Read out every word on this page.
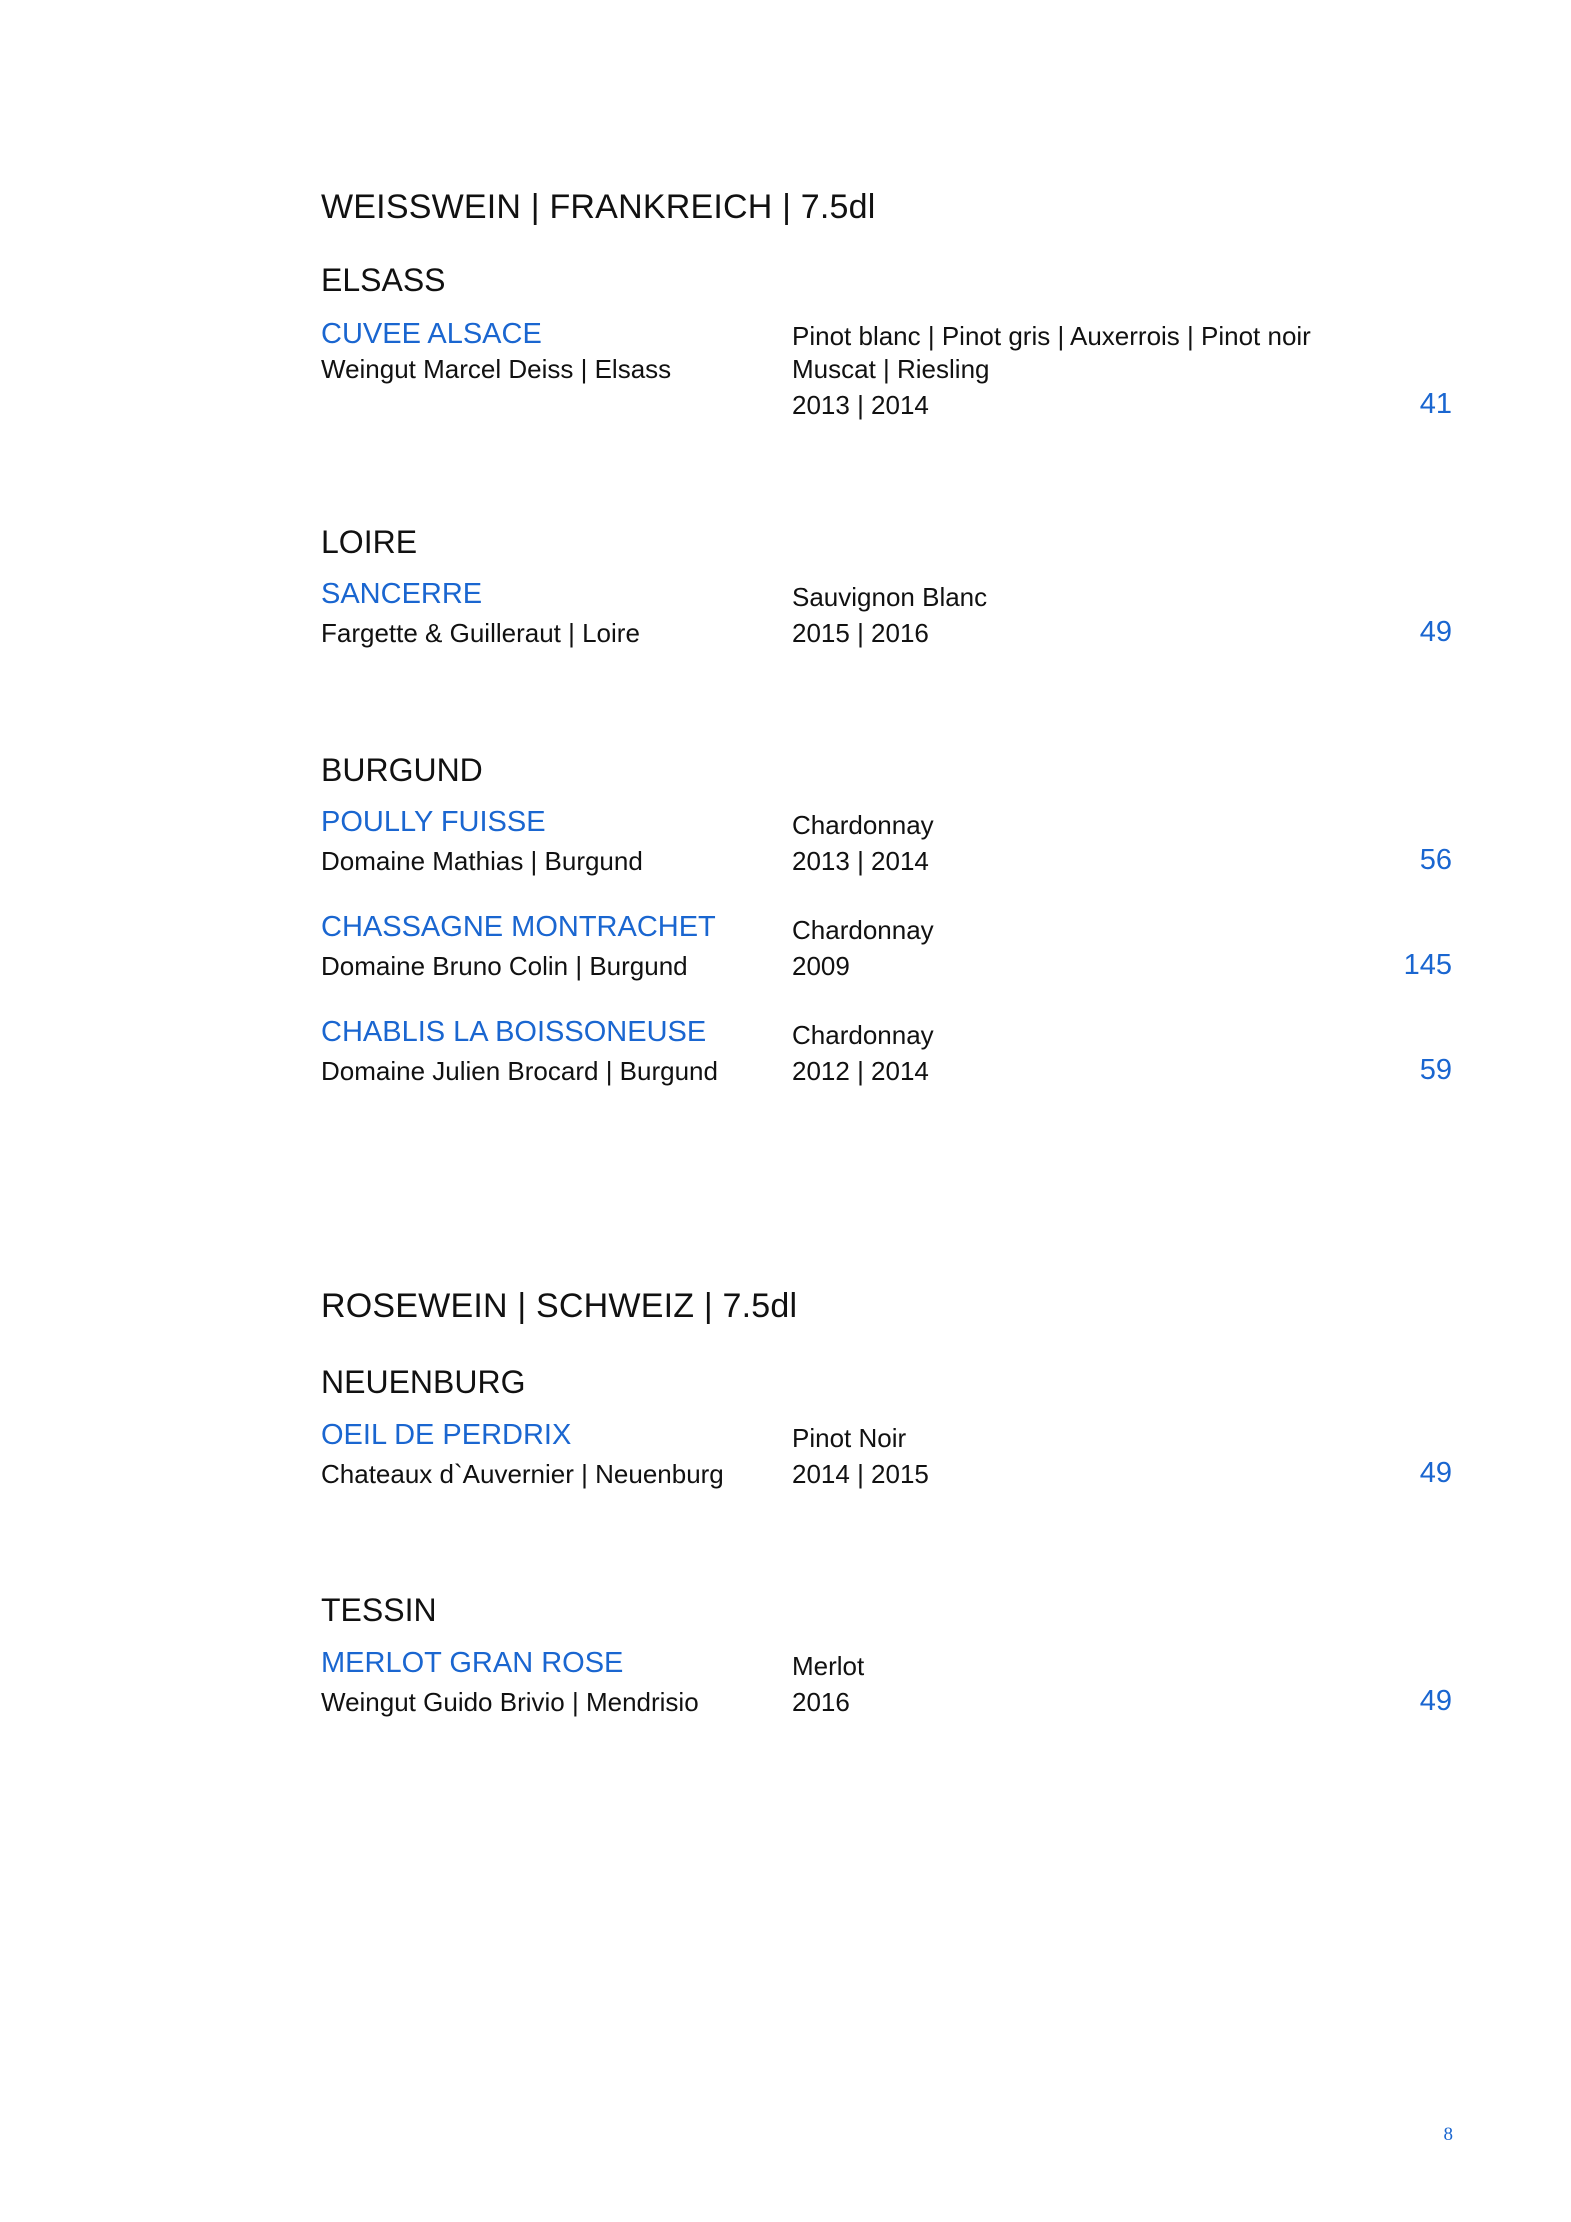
WEISSWEIN | FRANKREICH | 7.5dl
ELSASS
CUVEE ALSACE
Weingut Marcel Deiss | Elsass
Pinot blanc | Pinot gris | Auxerrois | Pinot noir
Muscat | Riesling
2013 | 2014	41
LOIRE
SANCERRE
Fargette & Guilleraut | Loire
Sauvignon Blanc
2015 | 2016	49
BURGUND
POULLY FUISSE
Domaine Mathias | Burgund
Chardonnay
2013 | 2014	56
CHASSAGNE MONTRACHET
Domaine Bruno Colin | Burgund
Chardonnay
2009	145
CHABLIS LA BOISSONEUSE
Domaine Julien Brocard | Burgund
Chardonnay
2012 | 2014	59
ROSEWEIN | SCHWEIZ | 7.5dl
NEUENBURG
OEIL DE PERDRIX
Chateaux d`Auvernier | Neuenburg
Pinot Noir
2014 | 2015	49
TESSIN
MERLOT GRAN ROSE
Weingut Guido Brivio | Mendrisio
Merlot
2016	49
8
